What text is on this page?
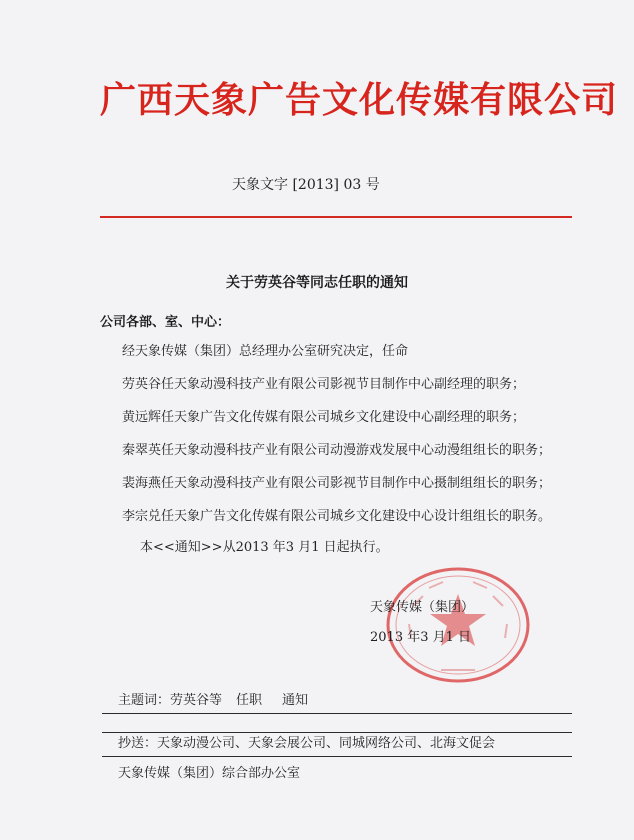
广西天象广告文化传媒有限公司
天象文字 [2013] 03 号
关于劳英谷等同志任职的通知
公司各部、室、中心：
经天象传媒（集团）总经理办公室研究决定，任命
劳英谷任天象动漫科技产业有限公司影视节目制作中心副经理的职务；
黄远辉任天象广告文化传媒有限公司城乡文化建设中心副经理的职务；
秦翠英任天象动漫科技产业有限公司动漫游戏发展中心动漫组组长的职务；
裴海燕任天象动漫科技产业有限公司影视节目制作中心摄制组组长的职务；
李宗兑任天象广告文化传媒有限公司城乡文化建设中心设计组组长的职务。
本<<通知>>从2013 年3 月1 日起执行。
天象传媒（集团）
2013 年3 月1 日
主题词：劳英谷等 任职 通知
抄送：天象动漫公司、天象会展公司、同城网络公司、北海文促会
天象传媒（集团）综合部办公室
